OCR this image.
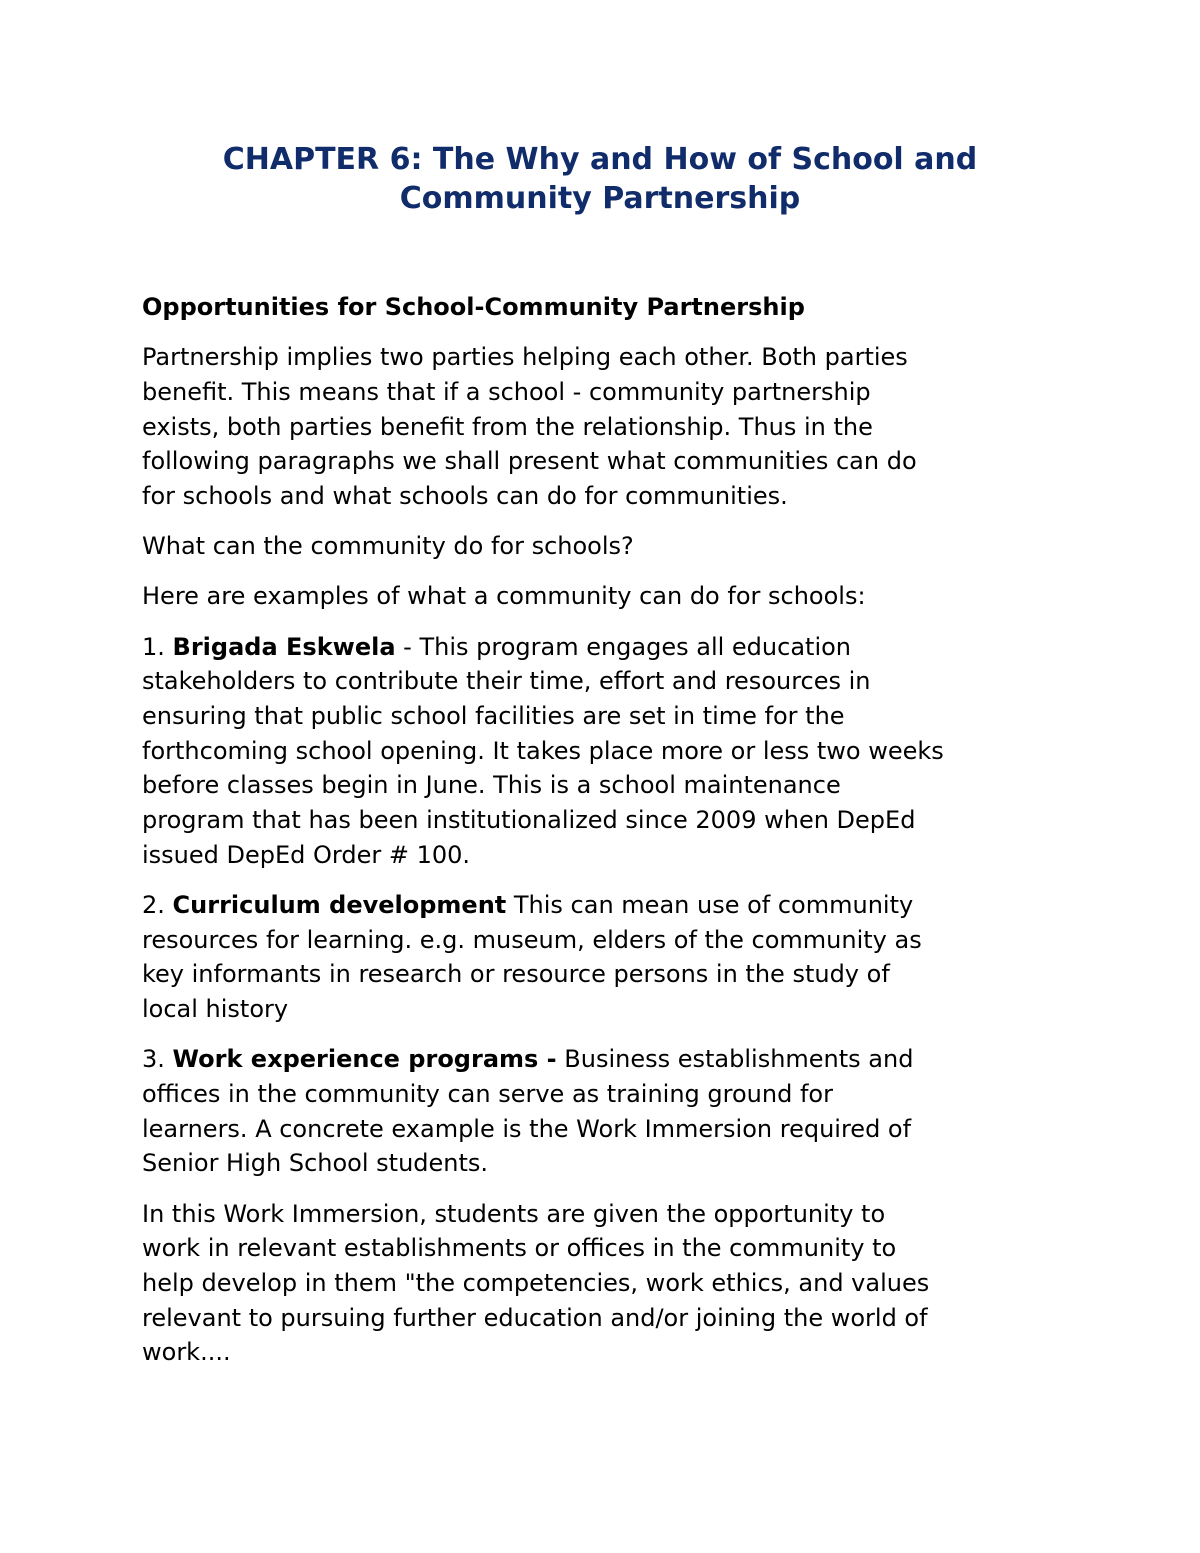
CHAPTER 6: The Why and How of School and
Community Partnership

Opportunities for School-Community Partnership

Partnership implies two parties helping each other. Both parties
benefit. This means that if a school - community partnership
exists, both parties benefit from the relationship. Thus in the
following paragraphs we shall present what communities can do
for schools and what schools can do for communities.

What can the community do for schools?

Here are examples of what a community can do for schools:

1. Brigada Eskwela - This program engages all education
stakeholders to contribute their time, effort and resources in
ensuring that public school facilities are set in time for the
forthcoming school opening. It takes place more or less two weeks
before classes begin in June. This is a school maintenance
program that has been institutionalized since 2009 when DepEd
issued DepEd Order # 100.

2. Curriculum development This can mean use of community
resources for learning. e.g. museum, elders of the community as
key informants in research or resource persons in the study of
local history

3. Work experience programs - Business establishments and
offices in the community can serve as training ground for
learners. A concrete example is the Work Immersion required of
Senior High School students.

In this Work Immersion, students are given the opportunity to
work in relevant establishments or offices in the community to
help develop in them "the competencies, work ethics, and values
relevant to pursuing further education and/or joining the world of
work....
